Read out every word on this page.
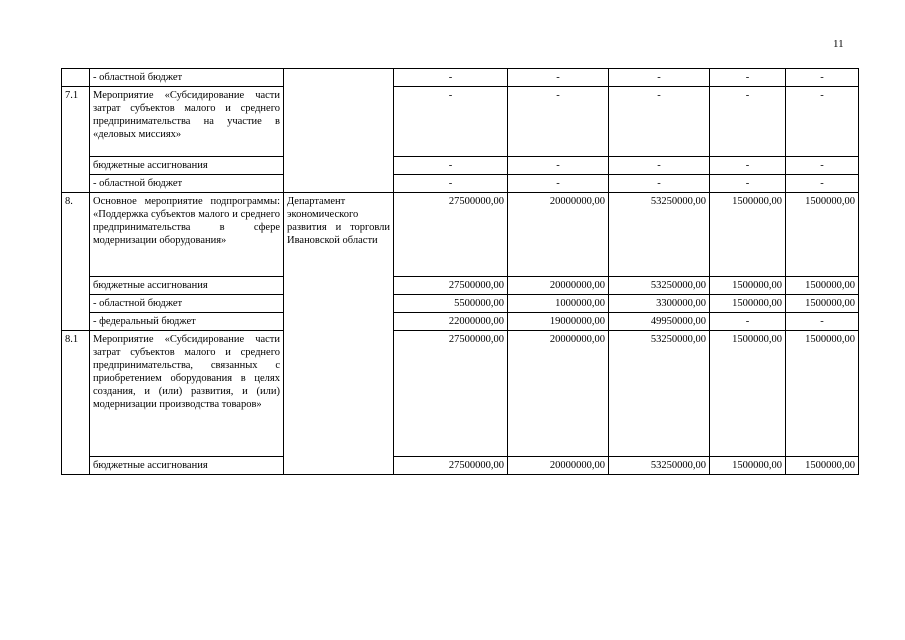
11
	- областной бюджет		-	-	-	-	-
7.1	Мероприятие «Субсидирование части затрат субъектов малого и среднего предпринимательства на участие в «деловых миссиях»		-	-	-	-	-
	бюджетные ассигнования		-	-	-	-	-
	- областной бюджет		-	-	-	-	-
8.	Основное мероприятие подпрограммы: «Поддержка субъектов малого и среднего предпринимательства в сфере модернизации оборудования»	Департамент экономического развития и торговли Ивановской области	27500000,00	20000000,00	53250000,00	1500000,00	1500000,00
	бюджетные ассигнования		27500000,00	20000000,00	53250000,00	1500000,00	1500000,00
	- областной бюджет		5500000,00	1000000,00	3300000,00	1500000,00	1500000,00
	- федеральный бюджет		22000000,00	19000000,00	49950000,00	-	-
8.1	Мероприятие «Субсидирование части затрат субъектов малого и среднего предпринимательства, связанных с приобретением оборудования в целях создания, и (или) развития, и (или) модернизации производства товаров»		27500000,00	20000000,00	53250000,00	1500000,00	1500000,00
	бюджетные ассигнования		27500000,00	20000000,00	53250000,00	1500000,00	1500000,00
